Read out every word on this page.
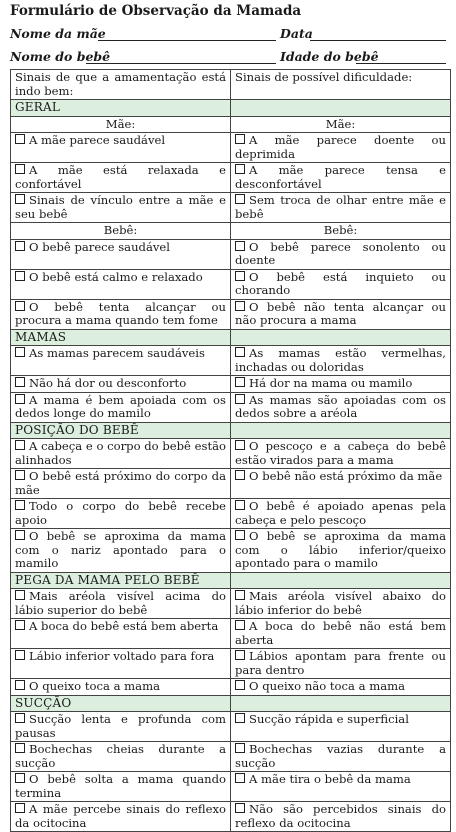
Formulário de Observação da Mamada
Nome da mãe	Data
Nome do bebê	Idade do bebê
Sinais de que a amamentação está indo bem:	Sinais de possível dificuldade:
GERAL	
Mãe:	Mãe:
A mãe parece saudável	A mãe parece doente ou deprimida
A mãe está relaxada e confortável	A mãe parece tensa e desconfortável
Sinais de vínculo entre a mãe e seu bebê	Sem troca de olhar entre mãe e bebê
Bebê:	Bebê:
O bebê parece saudável	O bebê parece sonolento ou doente
O bebê está calmo e relaxado	O bebê está inquieto ou chorando
O bebê tenta alcançar ou procura a mama quando tem fome	O bebê não tenta alcançar ou não procura a mama
MAMAS	
As mamas parecem saudáveis	As mamas estão vermelhas, inchadas ou doloridas
Não há dor ou desconforto	Há dor na mama ou mamilo
A mama é bem apoiada com os dedos longe do mamilo	As mamas são apoiadas com os dedos sobre a aréola
POSIÇÃO DO BEBÊ	
A cabeça e o corpo do bebê estão alinhados	O pescoço e a cabeça do bebê estão virados para a mama
O bebê está próximo do corpo da mãe	O bebê não está próximo da mãe
Todo o corpo do bebê recebe apoio	O bebê é apoiado apenas pela cabeça e pelo pescoço
O bebê se aproxima da mama com o nariz apontado para o mamilo	O bebê se aproxima da mama com o lábio inferior/queixo apontado para o mamilo
PEGA DA MAMA PELO BEBÊ	
Mais aréola visível acima do lábio superior do bebê	Mais aréola visível abaixo do lábio inferior do bebê
A boca do bebê está bem aberta	A boca do bebê não está bem aberta
Lábio inferior voltado para fora	Lábios apontam para frente ou para dentro
O queixo toca a mama	O queixo não toca a mama
SUCÇÃO	
Sucção lenta e profunda com pausas	Sucção rápida e superficial
Bochechas cheias durante a sucção	Bochechas vazias durante a sucção
O bebê solta a mama quando termina	A mãe tira o bebê da mama
A mãe percebe sinais do reflexo da ocitocina	Não são percebidos sinais do reflexo da ocitocina
